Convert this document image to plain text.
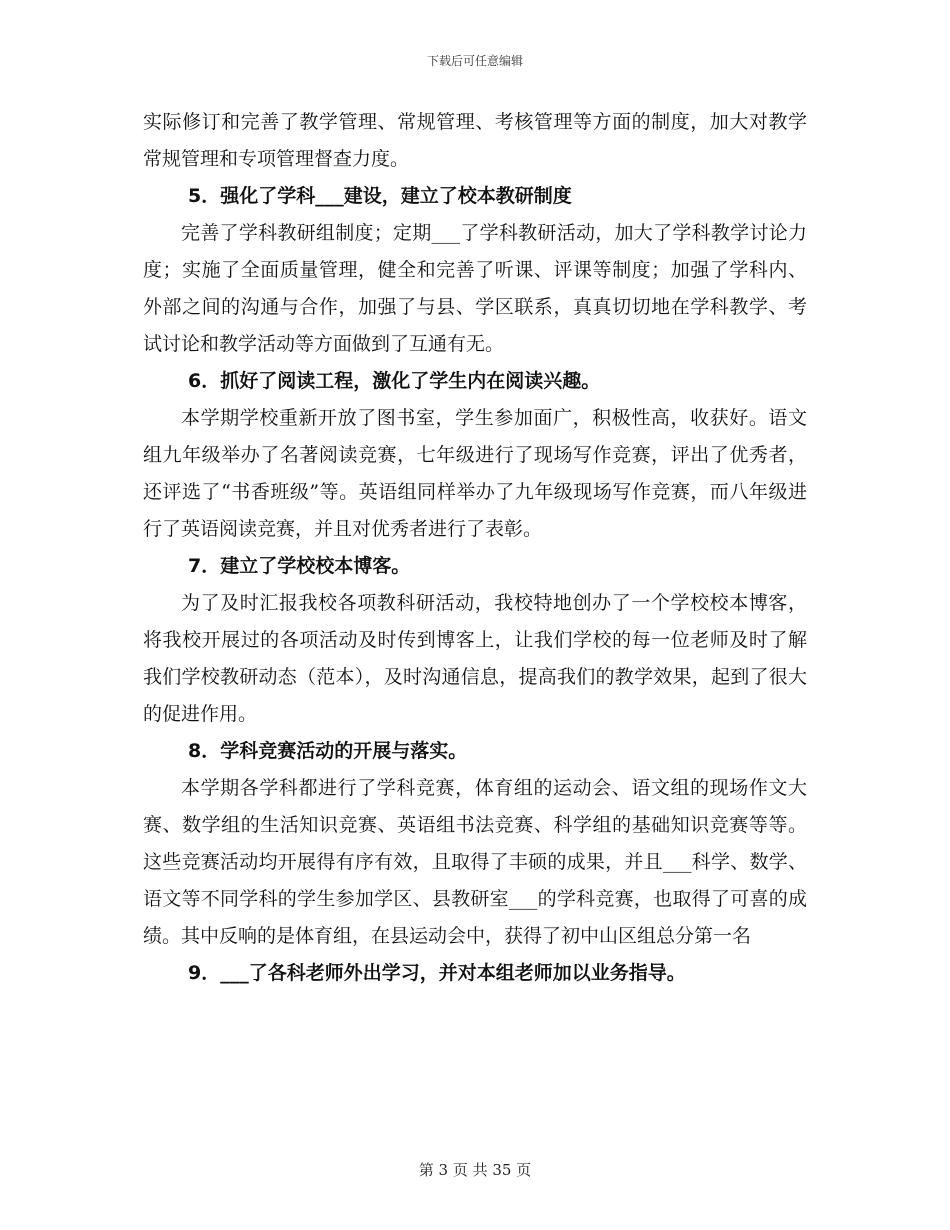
下载后可任意编辑

实际修订和完善了教学管理、常规管理、考核管理等方面的制度，加大对教学常规管理和专项管理督查力度。

5．强化了学科___建设，建立了校本教研制度

完善了学科教研组制度；定期___了学科教研活动，加大了学科教学讨论力度；实施了全面质量管理，健全和完善了听课、评课等制度；加强了学科内、外部之间的沟通与合作，加强了与县、学区联系，真真切切地在学科教学、考试讨论和教学活动等方面做到了互通有无。

6．抓好了阅读工程，激化了学生内在阅读兴趣。

本学期学校重新开放了图书室，学生参加面广，积极性高，收获好。语文组九年级举办了名著阅读竞赛，七年级进行了现场写作竞赛，评出了优秀者，还评选了“书香班级”等。英语组同样举办了九年级现场写作竞赛，而八年级进行了英语阅读竞赛，并且对优秀者进行了表彰。

7．建立了学校校本博客。

为了及时汇报我校各项教科研活动，我校特地创办了一个学校校本博客，将我校开展过的各项活动及时传到博客上，让我们学校的每一位老师及时了解我们学校教研动态（范本），及时沟通信息，提高我们的教学效果，起到了很大的促进作用。

8．学科竞赛活动的开展与落实。

本学期各学科都进行了学科竞赛，体育组的运动会、语文组的现场作文大赛、数学组的生活知识竞赛、英语组书法竞赛、科学组的基础知识竞赛等等。这些竞赛活动均开展得有序有效，且取得了丰硕的成果，并且___科学、数学、语文等不同学科的学生参加学区、县教研室___的学科竞赛，也取得了可喜的成绩。其中反响的是体育组，在县运动会中，获得了初中山区组总分第一名

9．___了各科老师外出学习，并对本组老师加以业务指导。

第 3 页 共 35 页
